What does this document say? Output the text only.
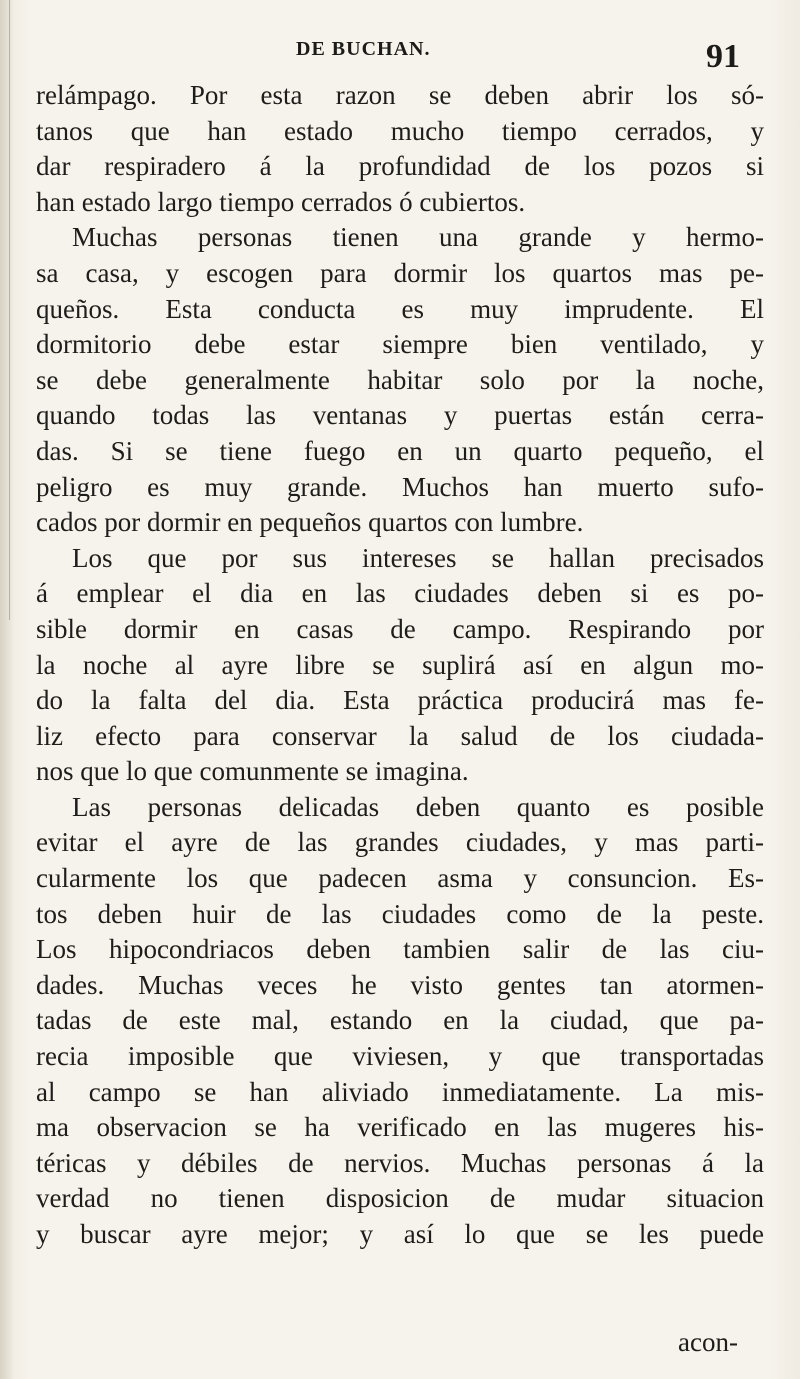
DE BUCHAN.	91
relámpago. Por esta razon se deben abrir los só-
tanos que han estado mucho tiempo cerrados, y
dar respiradero á la profundidad de los pozos si
han estado largo tiempo cerrados ó cubiertos.
Muchas personas tienen una grande y hermo-
sa casa, y escogen para dormir los quartos mas pe-
queños. Esta conducta es muy imprudente. El
dormitorio debe estar siempre bien ventilado, y
se debe generalmente habitar solo por la noche,
quando todas las ventanas y puertas están cerra-
das. Si se tiene fuego en un quarto pequeño, el
peligro es muy grande. Muchos han muerto sufo-
cados por dormir en pequeños quartos con lumbre.
Los que por sus intereses se hallan precisados
á emplear el dia en las ciudades deben si es po-
sible dormir en casas de campo. Respirando por
la noche al ayre libre se suplirá así en algun mo-
do la falta del dia. Esta práctica producirá mas fe-
liz efecto para conservar la salud de los ciudada-
nos que lo que comunmente se imagina.
Las personas delicadas deben quanto es posible
evitar el ayre de las grandes ciudades, y mas parti-
cularmente los que padecen asma y consuncion. Es-
tos deben huir de las ciudades como de la peste.
Los hipocondriacos deben tambien salir de las ciu-
dades. Muchas veces he visto gentes tan atormen-
tadas de este mal, estando en la ciudad, que pa-
recia imposible que viviesen, y que transportadas
al campo se han aliviado inmediatamente. La mis-
ma observacion se ha verificado en las mugeres his-
téricas y débiles de nervios. Muchas personas á la
verdad no tienen disposicion de mudar situacion
y buscar ayre mejor; y así lo que se les puede
acon-
